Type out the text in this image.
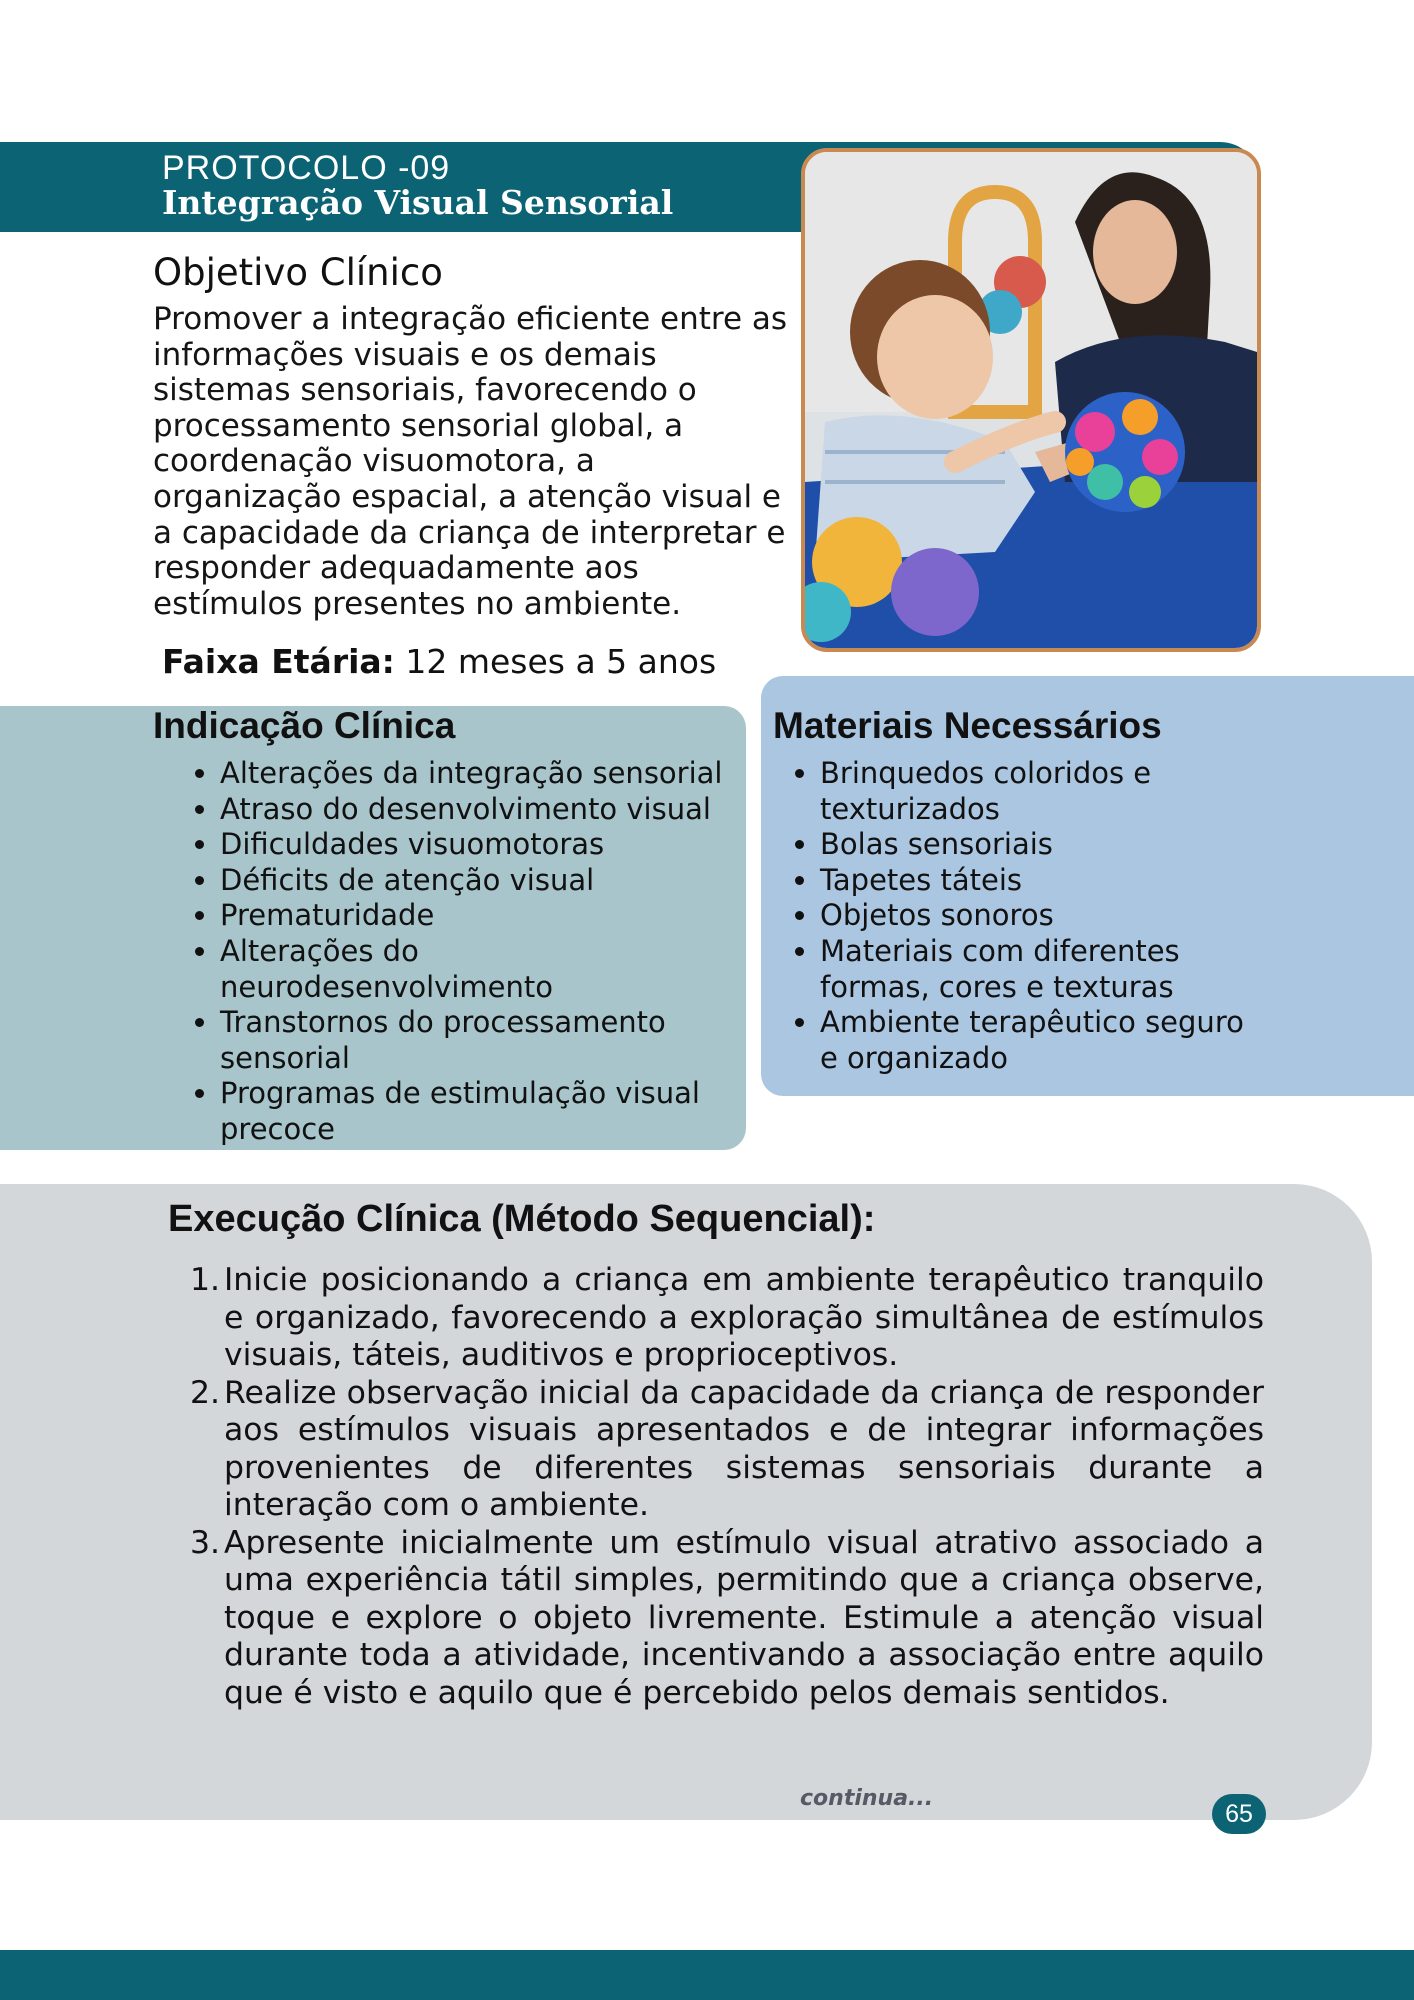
PROTOCOLO -09
Integração Visual Sensorial
Objetivo Clínico
Promover a integração eficiente entre as informações visuais e os demais sistemas sensoriais, favorecendo o processamento sensorial global, a coordenação visuomotora, a organização espacial, a atenção visual e a capacidade da criança de interpretar e responder adequadamente aos estímulos presentes no ambiente.
Faixa Etária: 12 meses a 5 anos
Indicação Clínica
• Alterações da integração sensorial
• Atraso do desenvolvimento visual
• Dificuldades visuomotoras
• Déficits de atenção visual
• Prematuridade
• Alterações do neurodesenvolvimento
• Transtornos do processamento sensorial
• Programas de estimulação visual precoce
Materiais Necessários
• Brinquedos coloridos e texturizados
• Bolas sensoriais
• Tapetes táteis
• Objetos sonoros
• Materiais com diferentes formas, cores e texturas
• Ambiente terapêutico seguro e organizado
Execução Clínica (Método Sequencial):
1. Inicie posicionando a criança em ambiente terapêutico tranquilo e organizado, favorecendo a exploração simultânea de estímulos visuais, táteis, auditivos e proprioceptivos.
2. Realize observação inicial da capacidade da criança de responder aos estímulos visuais apresentados e de integrar informações provenientes de diferentes sistemas sensoriais durante a interação com o ambiente.
3. Apresente inicialmente um estímulo visual atrativo associado a uma experiência tátil simples, permitindo que a criança observe, toque e explore o objeto livremente. Estimule a atenção visual durante toda a atividade, incentivando a associação entre aquilo que é visto e aquilo que é percebido pelos demais sentidos.
continua...
65
